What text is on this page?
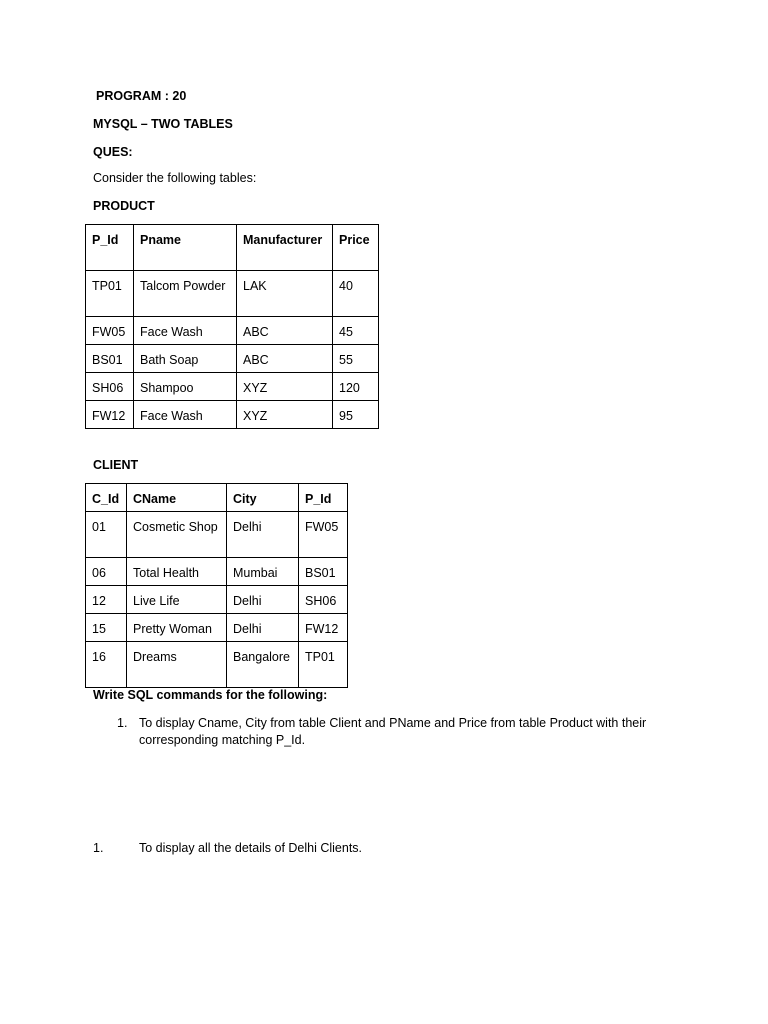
PROGRAM : 20
MYSQL – TWO TABLES
QUES:
Consider the following tables:
PRODUCT
P_Id	Pname	Manufacturer	Price
TP01	Talcom Powder	LAK	40
FW05	Face Wash	ABC	45
BS01	Bath Soap	ABC	55
SH06	Shampoo	XYZ	120
FW12	Face Wash	XYZ	95
CLIENT
C_Id	CName	City	P_Id
01	Cosmetic Shop	Delhi	FW05
06	Total Health	Mumbai	BS01
12	Live Life	Delhi	SH06
15	Pretty Woman	Delhi	FW12
16	Dreams	Bangalore	TP01
Write SQL commands for the following:
1. To display Cname, City from table Client and PName and Price from table Product with their
corresponding matching P_Id.
1.	To display all the details of Delhi Clients.
